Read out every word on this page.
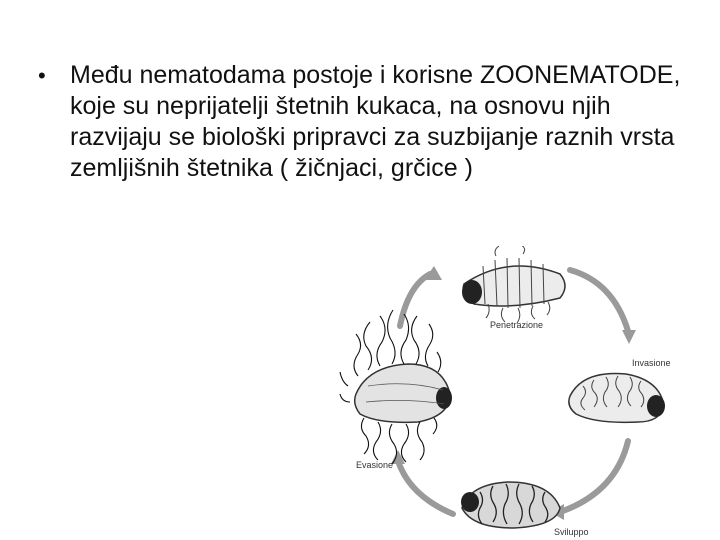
• Među nematodama postoje i korisne ZOONEMATODE, koje su neprijatelji štetnih kukaca, na osnovu njih razvijaju se biološki pripravci za suzbijanje raznih vrsta zemljišnih štetnika ( žičnjaci, grčice )
Penetrazione
Invasione
Sviluppo
Evasione
